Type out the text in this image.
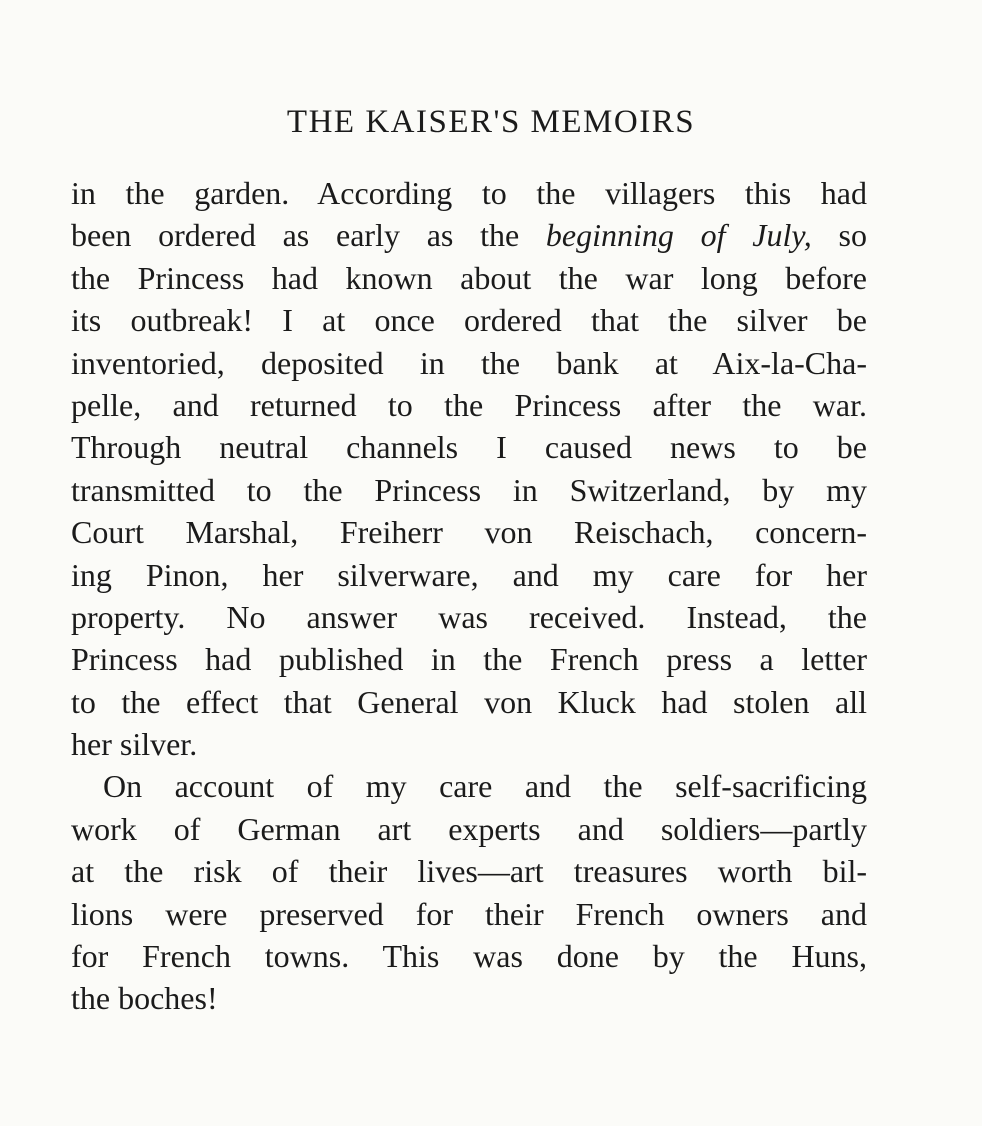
THE KAISER'S MEMOIRS
in the garden. According to the villagers this had
been ordered as early as the beginning of July, so
the Princess had known about the war long before
its outbreak! I at once ordered that the silver be
inventoried, deposited in the bank at Aix-la-Cha-
pelle, and returned to the Princess after the war.
Through neutral channels I caused news to be
transmitted to the Princess in Switzerland, by my
Court Marshal, Freiherr von Reischach, concern-
ing Pinon, her silverware, and my care for her
property. No answer was received. Instead, the
Princess had published in the French press a letter
to the effect that General von Kluck had stolen all
her silver.
On account of my care and the self-sacrificing
work of German art experts and soldiers—partly
at the risk of their lives—art treasures worth bil-
lions were preserved for their French owners and
for French towns. This was done by the Huns,
the boches!
